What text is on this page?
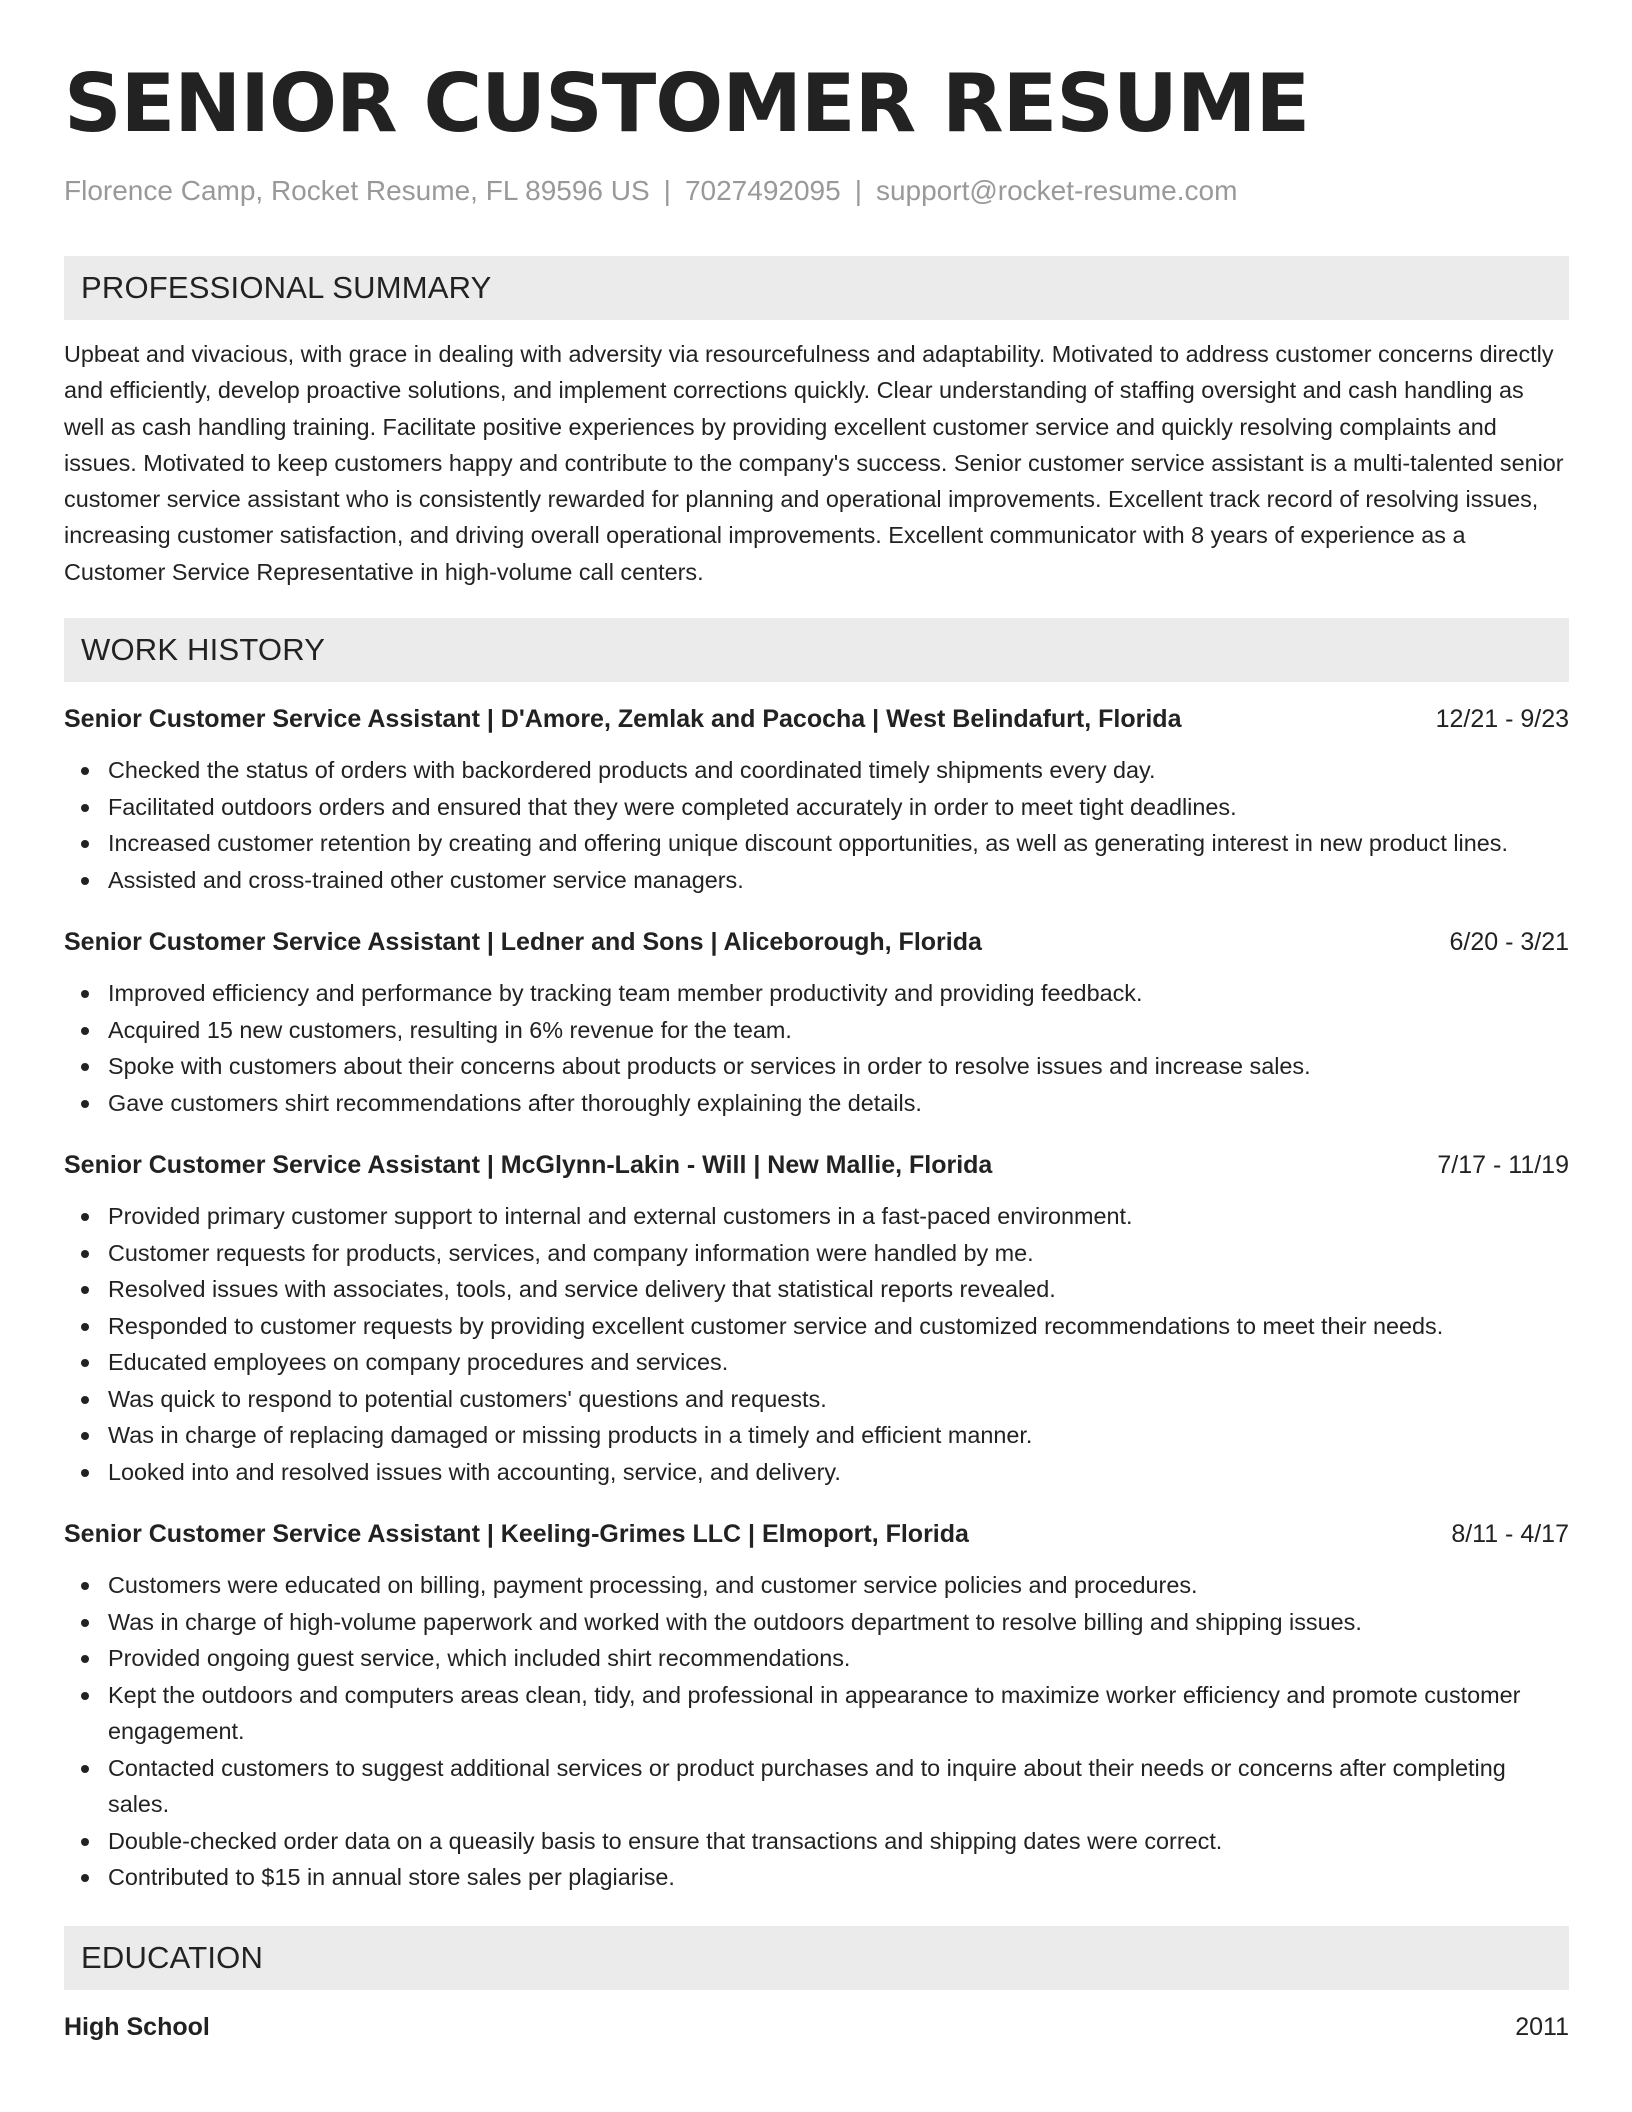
SENIOR CUSTOMER RESUME
Florence Camp, Rocket Resume, FL 89596 US | 7027492095 | support@rocket-resume.com
PROFESSIONAL SUMMARY
Upbeat and vivacious, with grace in dealing with adversity via resourcefulness and adaptability. Motivated to address customer concerns directly and efficiently, develop proactive solutions, and implement corrections quickly. Clear understanding of staffing oversight and cash handling as well as cash handling training. Facilitate positive experiences by providing excellent customer service and quickly resolving complaints and issues. Motivated to keep customers happy and contribute to the company's success. Senior customer service assistant is a multi-talented senior customer service assistant who is consistently rewarded for planning and operational improvements. Excellent track record of resolving issues, increasing customer satisfaction, and driving overall operational improvements. Excellent communicator with 8 years of experience as a Customer Service Representative in high-volume call centers.
WORK HISTORY
Senior Customer Service Assistant | D'Amore, Zemlak and Pacocha | West Belindafurt, Florida	12/21 - 9/23
Checked the status of orders with backordered products and coordinated timely shipments every day.
Facilitated outdoors orders and ensured that they were completed accurately in order to meet tight deadlines.
Increased customer retention by creating and offering unique discount opportunities, as well as generating interest in new product lines.
Assisted and cross-trained other customer service managers.
Senior Customer Service Assistant | Ledner and Sons | Aliceborough, Florida	6/20 - 3/21
Improved efficiency and performance by tracking team member productivity and providing feedback.
Acquired 15 new customers, resulting in 6% revenue for the team.
Spoke with customers about their concerns about products or services in order to resolve issues and increase sales.
Gave customers shirt recommendations after thoroughly explaining the details.
Senior Customer Service Assistant | McGlynn-Lakin - Will | New Mallie, Florida	7/17 - 11/19
Provided primary customer support to internal and external customers in a fast-paced environment.
Customer requests for products, services, and company information were handled by me.
Resolved issues with associates, tools, and service delivery that statistical reports revealed.
Responded to customer requests by providing excellent customer service and customized recommendations to meet their needs.
Educated employees on company procedures and services.
Was quick to respond to potential customers' questions and requests.
Was in charge of replacing damaged or missing products in a timely and efficient manner.
Looked into and resolved issues with accounting, service, and delivery.
Senior Customer Service Assistant | Keeling-Grimes LLC | Elmoport, Florida	8/11 - 4/17
Customers were educated on billing, payment processing, and customer service policies and procedures.
Was in charge of high-volume paperwork and worked with the outdoors department to resolve billing and shipping issues.
Provided ongoing guest service, which included shirt recommendations.
Kept the outdoors and computers areas clean, tidy, and professional in appearance to maximize worker efficiency and promote customer engagement.
Contacted customers to suggest additional services or product purchases and to inquire about their needs or concerns after completing sales.
Double-checked order data on a queasily basis to ensure that transactions and shipping dates were correct.
Contributed to $15 in annual store sales per plagiarise.
EDUCATION
High School	2011
